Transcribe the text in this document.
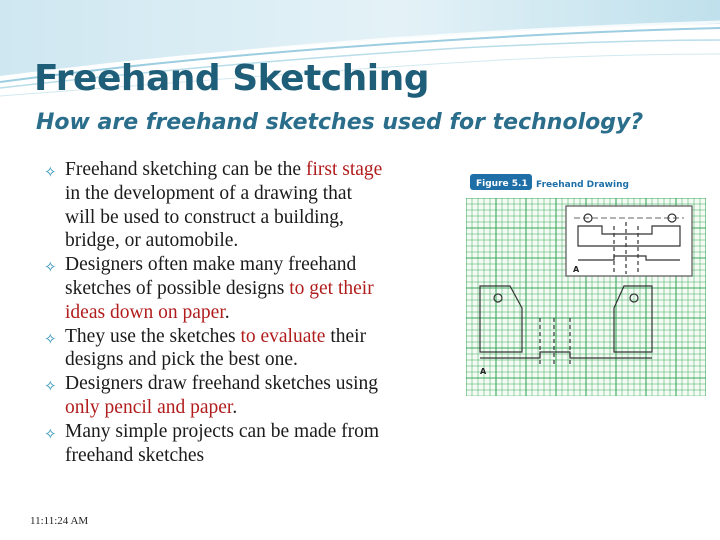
Freehand Sketching
How are freehand sketches used for technology?
✧ Freehand sketching can be the first stage
in the development of a drawing that
will be used to construct a building,
bridge, or automobile.
✧ Designers often make many freehand
sketches of possible designs to get their
ideas down on paper.
✧ They use the sketches to evaluate their
designs and pick the best one.
✧ Designers draw freehand sketches using
only pencil and paper.
✧ Many simple projects can be made from
freehand sketches
Figure 5.1 Freehand Drawing
A
A
11:11:24 AM
